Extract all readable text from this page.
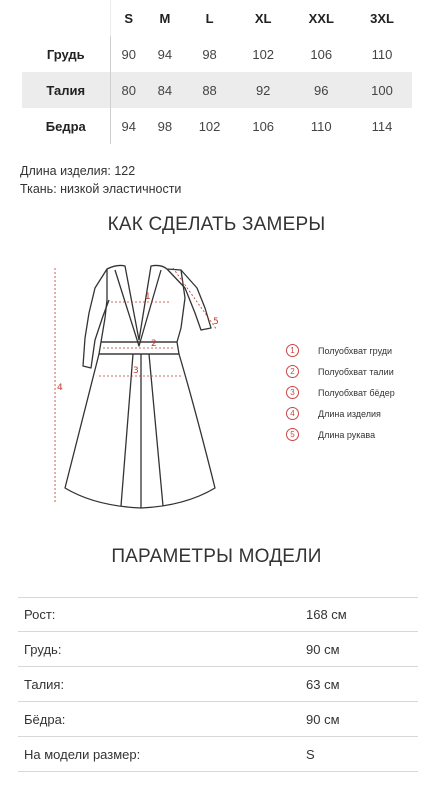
	S	M	L	XL	XXL	3XL
Грудь	90	94	98	102	106	110
Талия	80	84	88	92	96	100
Бедра	94	98	102	106	110	114
Длина изделия: 122
Ткань: низкой эластичности
КАК СДЕЛАТЬ ЗАМЕРЫ
1
2
3
4
5
1	Полуобхват груди
2	Полуобхват талии
3	Полуобхват бёдер
4	Длина изделия
5	Длина рукава
ПАРАМЕТРЫ МОДЕЛИ
Рост:	168 см
Грудь:	90 см
Талия:	63 см
Бёдра:	90 см
На модели размер:	S
